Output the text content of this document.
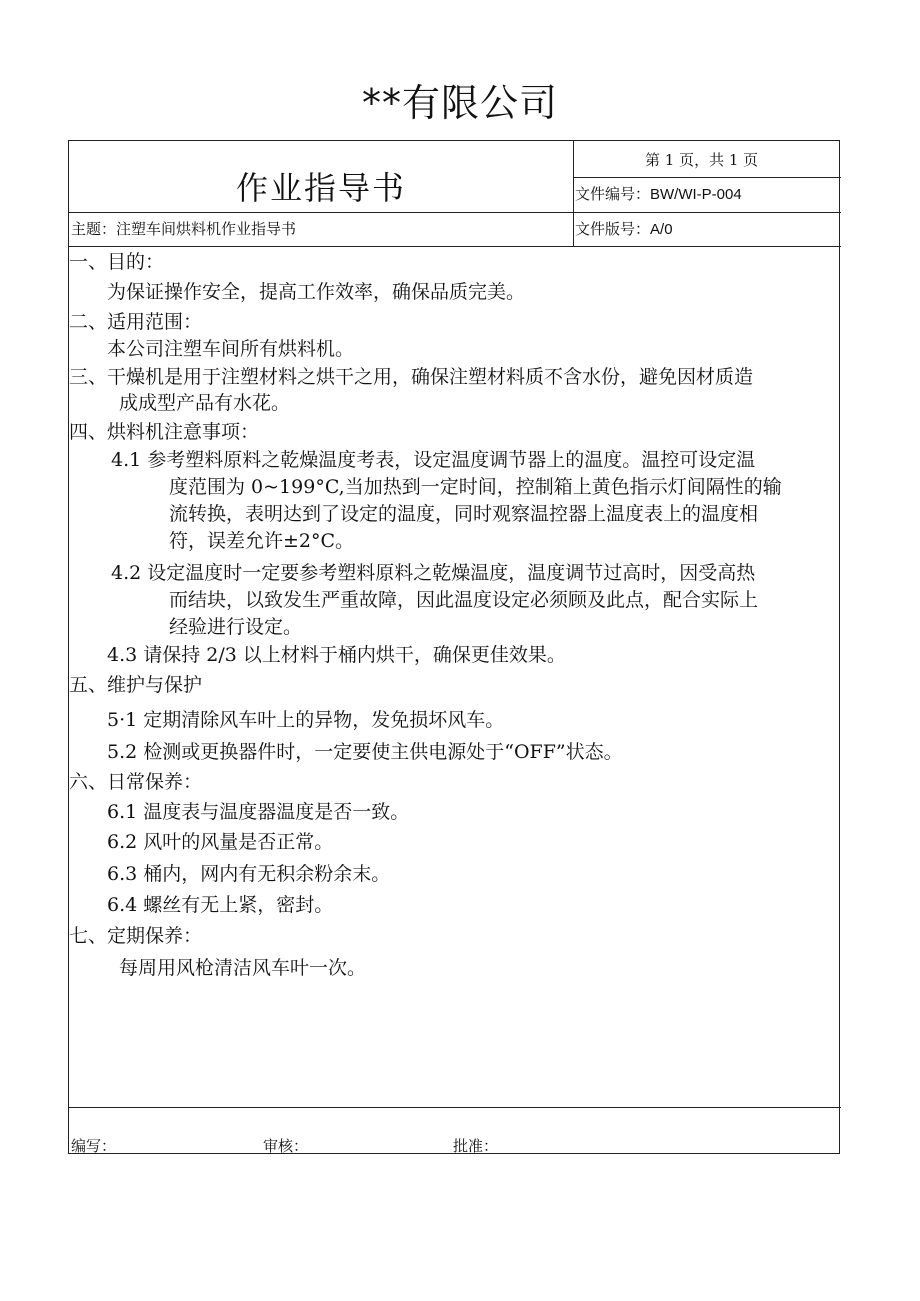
**有限公司
作业指导书
第 1 页，共 1 页
文件编号：BW/WI-P-004
主题：注塑车间烘料机作业指导书	文件版号：A/0
一、目的：
为保证操作安全，提高工作效率，确保品质完美。
二、适用范围：
本公司注塑车间所有烘料机。
三、干燥机是用于注塑材料之烘干之用，确保注塑材料质不含水份，避免因材质造
成成型产品有水花。
四、烘料机注意事项：
4.1 参考塑料原料之乾燥温度考表，设定温度调节器上的温度。温控可设定温
度范围为 0~199°C,当加热到一定时间，控制箱上黄色指示灯间隔性的输
流转换，表明达到了设定的温度，同时观察温控器上温度表上的温度相
符，误差允许±2°C。
4.2 设定温度时一定要参考塑料原料之乾燥温度，温度调节过高时，因受高热
而结块，以致发生严重故障，因此温度设定必须顾及此点，配合实际上
经验进行设定。
4.3 请保持 2/3 以上材料于桶内烘干，确保更佳效果。
五、维护与保护
5·1 定期清除风车叶上的异物，发免损坏风车。
5.2 检测或更换器件时，一定要使主供电源处于“OFF”状态。
六、日常保养：
6.1 温度表与温度器温度是否一致。
6.2 风叶的风量是否正常。
6.3 桶内，网内有无积余粉余末。
6.4 螺丝有无上紧，密封。
七、定期保养：
每周用风枪清洁风车叶一次。
编写：	审核：	批准：
